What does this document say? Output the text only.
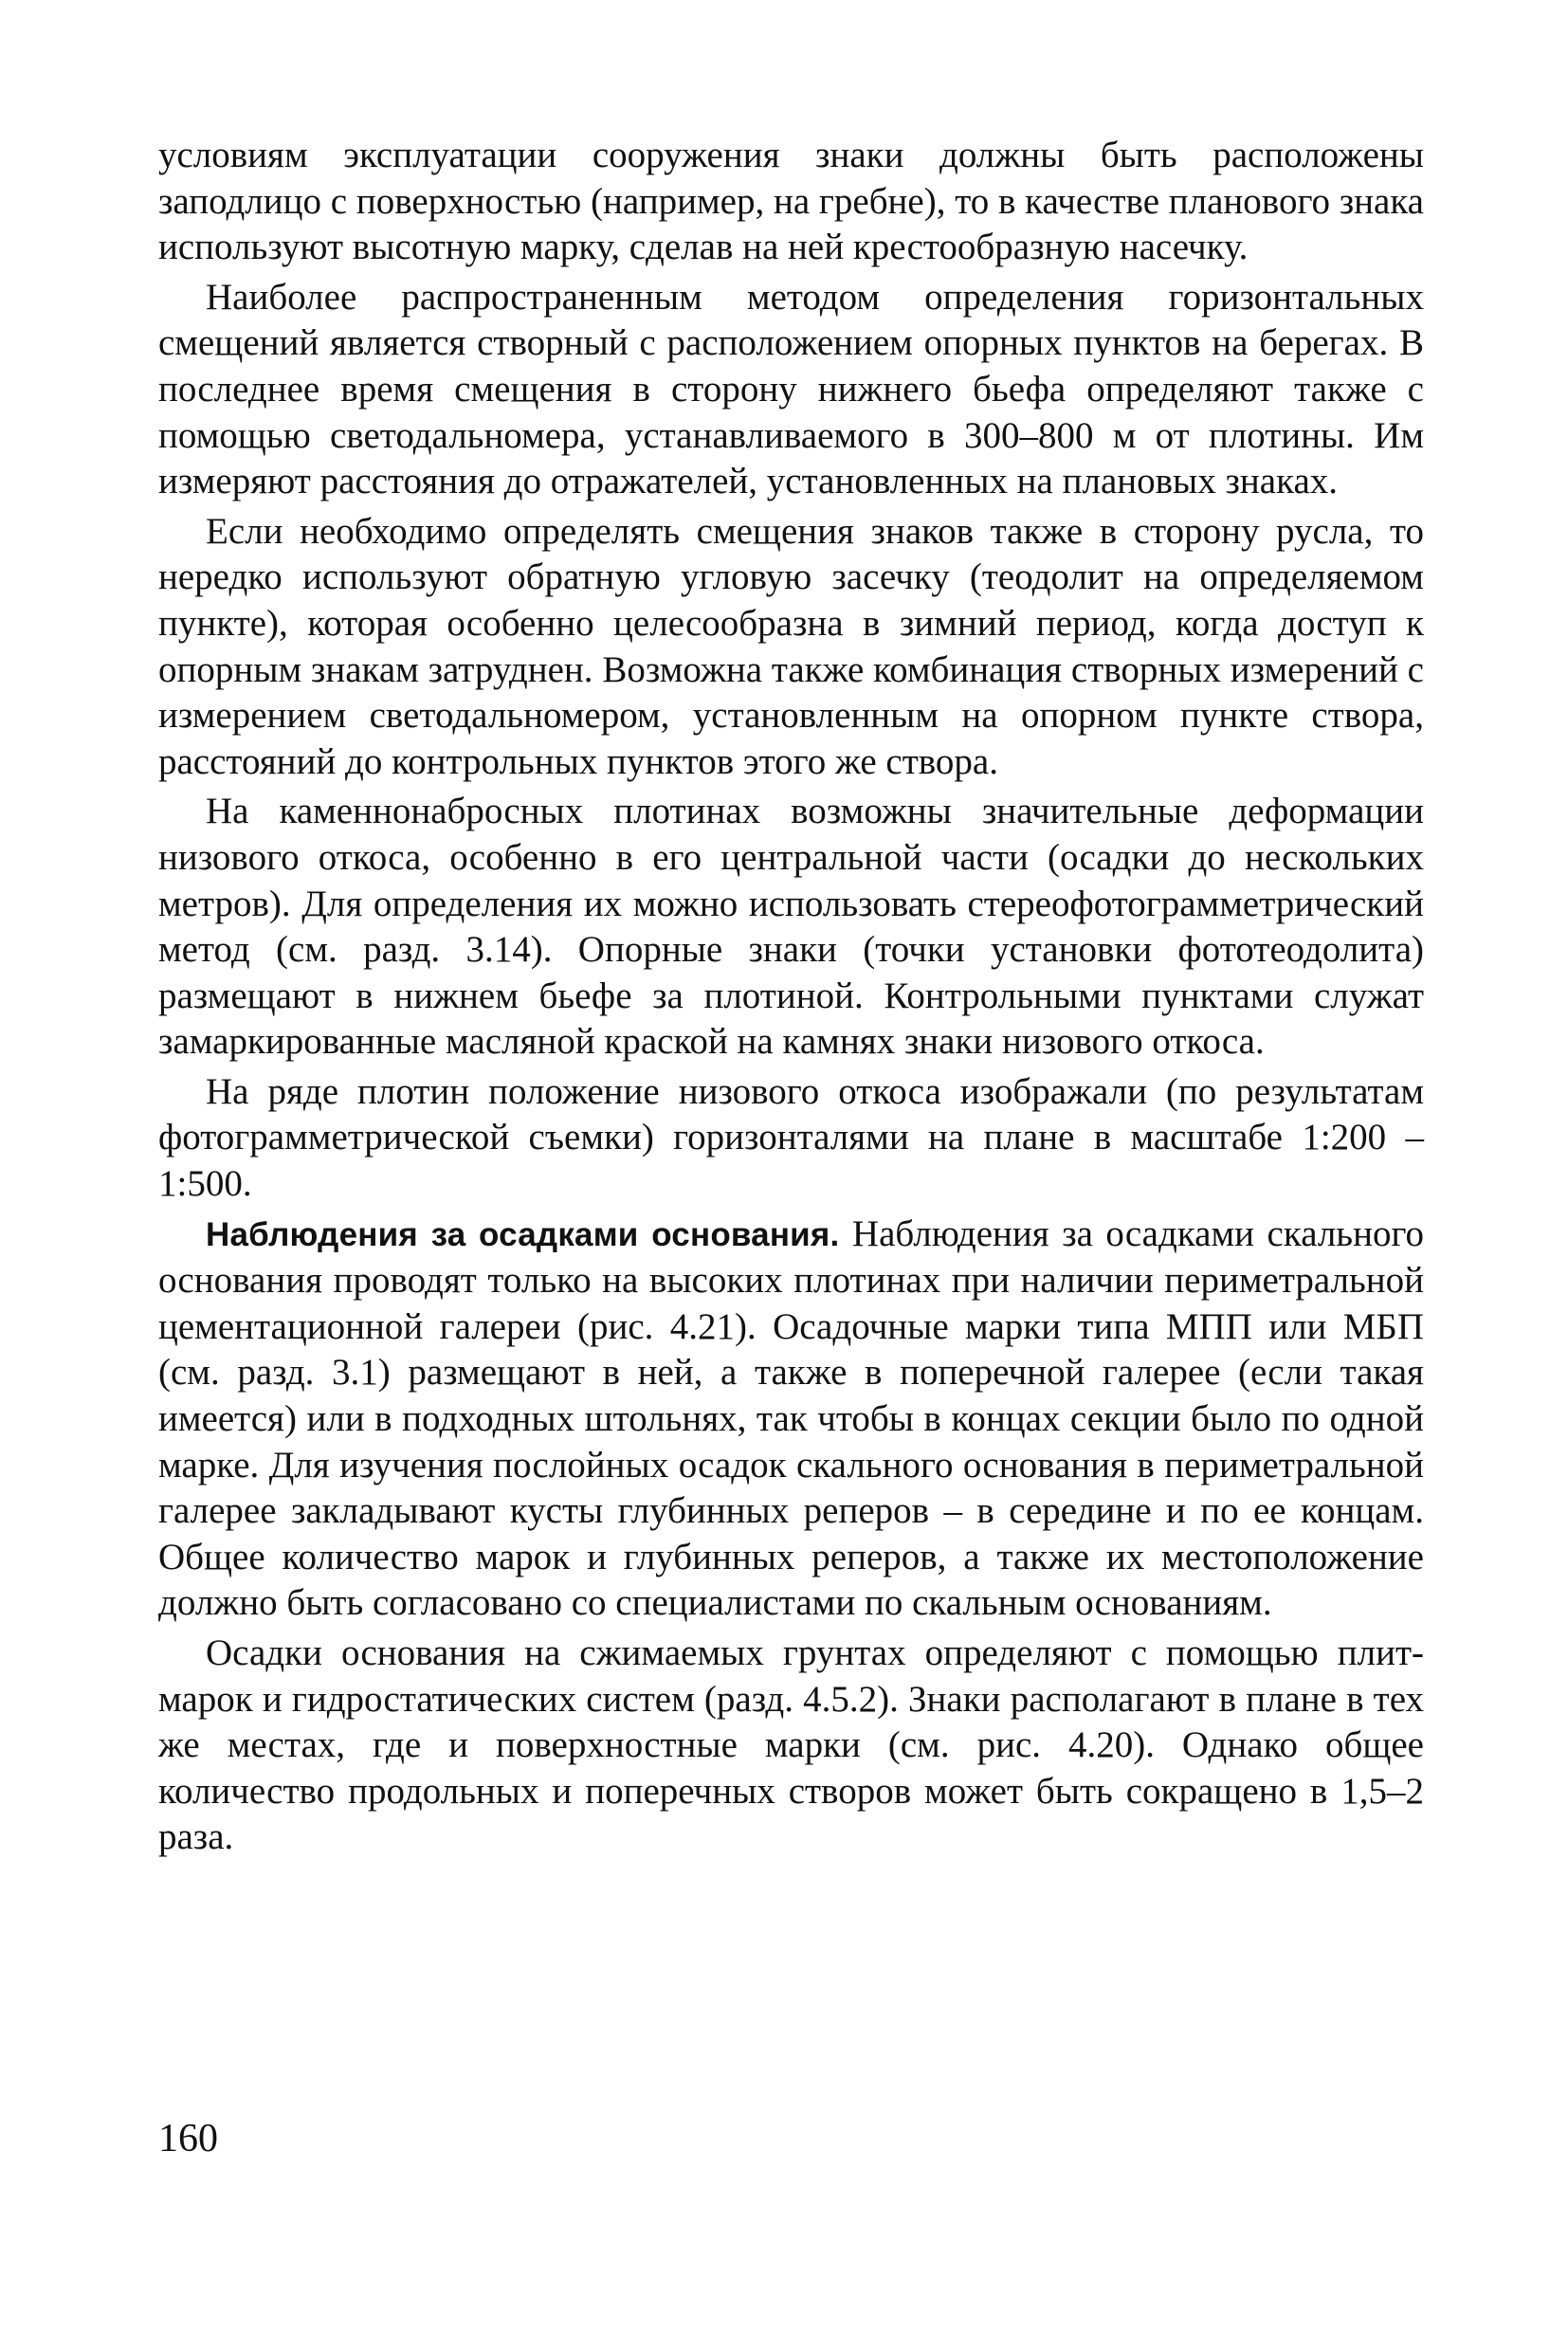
условиям эксплуатации сооружения знаки должны быть расположены заподлицо с поверхностью (например, на гребне), то в качестве планового знака используют высотную марку, сделав на ней крестообразную насечку.

Наиболее распространенным методом определения горизонтальных смещений является створный с расположением опорных пунктов на берегах. В последнее время смещения в сторону нижнего бьефа определяют также с помощью светодальномера, устанавливаемого в 300–800 м от плотины. Им измеряют расстояния до отражателей, установленных на плановых знаках.

Если необходимо определять смещения знаков также в сторону русла, то нередко используют обратную угловую засечку (теодолит на определяемом пункте), которая особенно целесообразна в зимний период, когда доступ к опорным знакам затруднен. Возможна также комбинация створных измерений с измерением светодальномером, установленным на опорном пункте створа, расстояний до контрольных пунктов этого же створа.

На каменнонабросных плотинах возможны значительные деформации низового откоса, особенно в его центральной части (осадки до нескольких метров). Для определения их можно использовать стереофотограмметрический метод (см. разд. 3.14). Опорные знаки (точки установки фототеодолита) размещают в нижнем бьефе за плотиной. Контрольными пунктами служат замаркированные масляной краской на камнях знаки низового откоса.

На ряде плотин положение низового откоса изображали (по результатам фотограмметрической съемки) горизонталями на плане в масштабе 1:200 – 1:500.

Наблюдения за осадками основания. Наблюдения за осадками скального основания проводят только на высоких плотинах при наличии периметральной цементационной галереи (рис. 4.21). Осадочные марки типа МПП или МБП (см. разд. 3.1) размещают в ней, а также в поперечной галерее (если такая имеется) или в подходных штольнях, так чтобы в концах секции было по одной марке. Для изучения послойных осадок скального основания в периметральной галерее закладывают кусты глубинных реперов – в середине и по ее концам. Общее количество марок и глубинных реперов, а также их местоположение должно быть согласовано со специалистами по скальным основаниям.

Осадки основания на сжимаемых грунтах определяют с помощью плит-марок и гидростатических систем (разд. 4.5.2). Знаки располагают в плане в тех же местах, где и поверхностные марки (см. рис. 4.20). Однако общее количество продольных и поперечных створов может быть сокращено в 1,5–2 раза.

160
